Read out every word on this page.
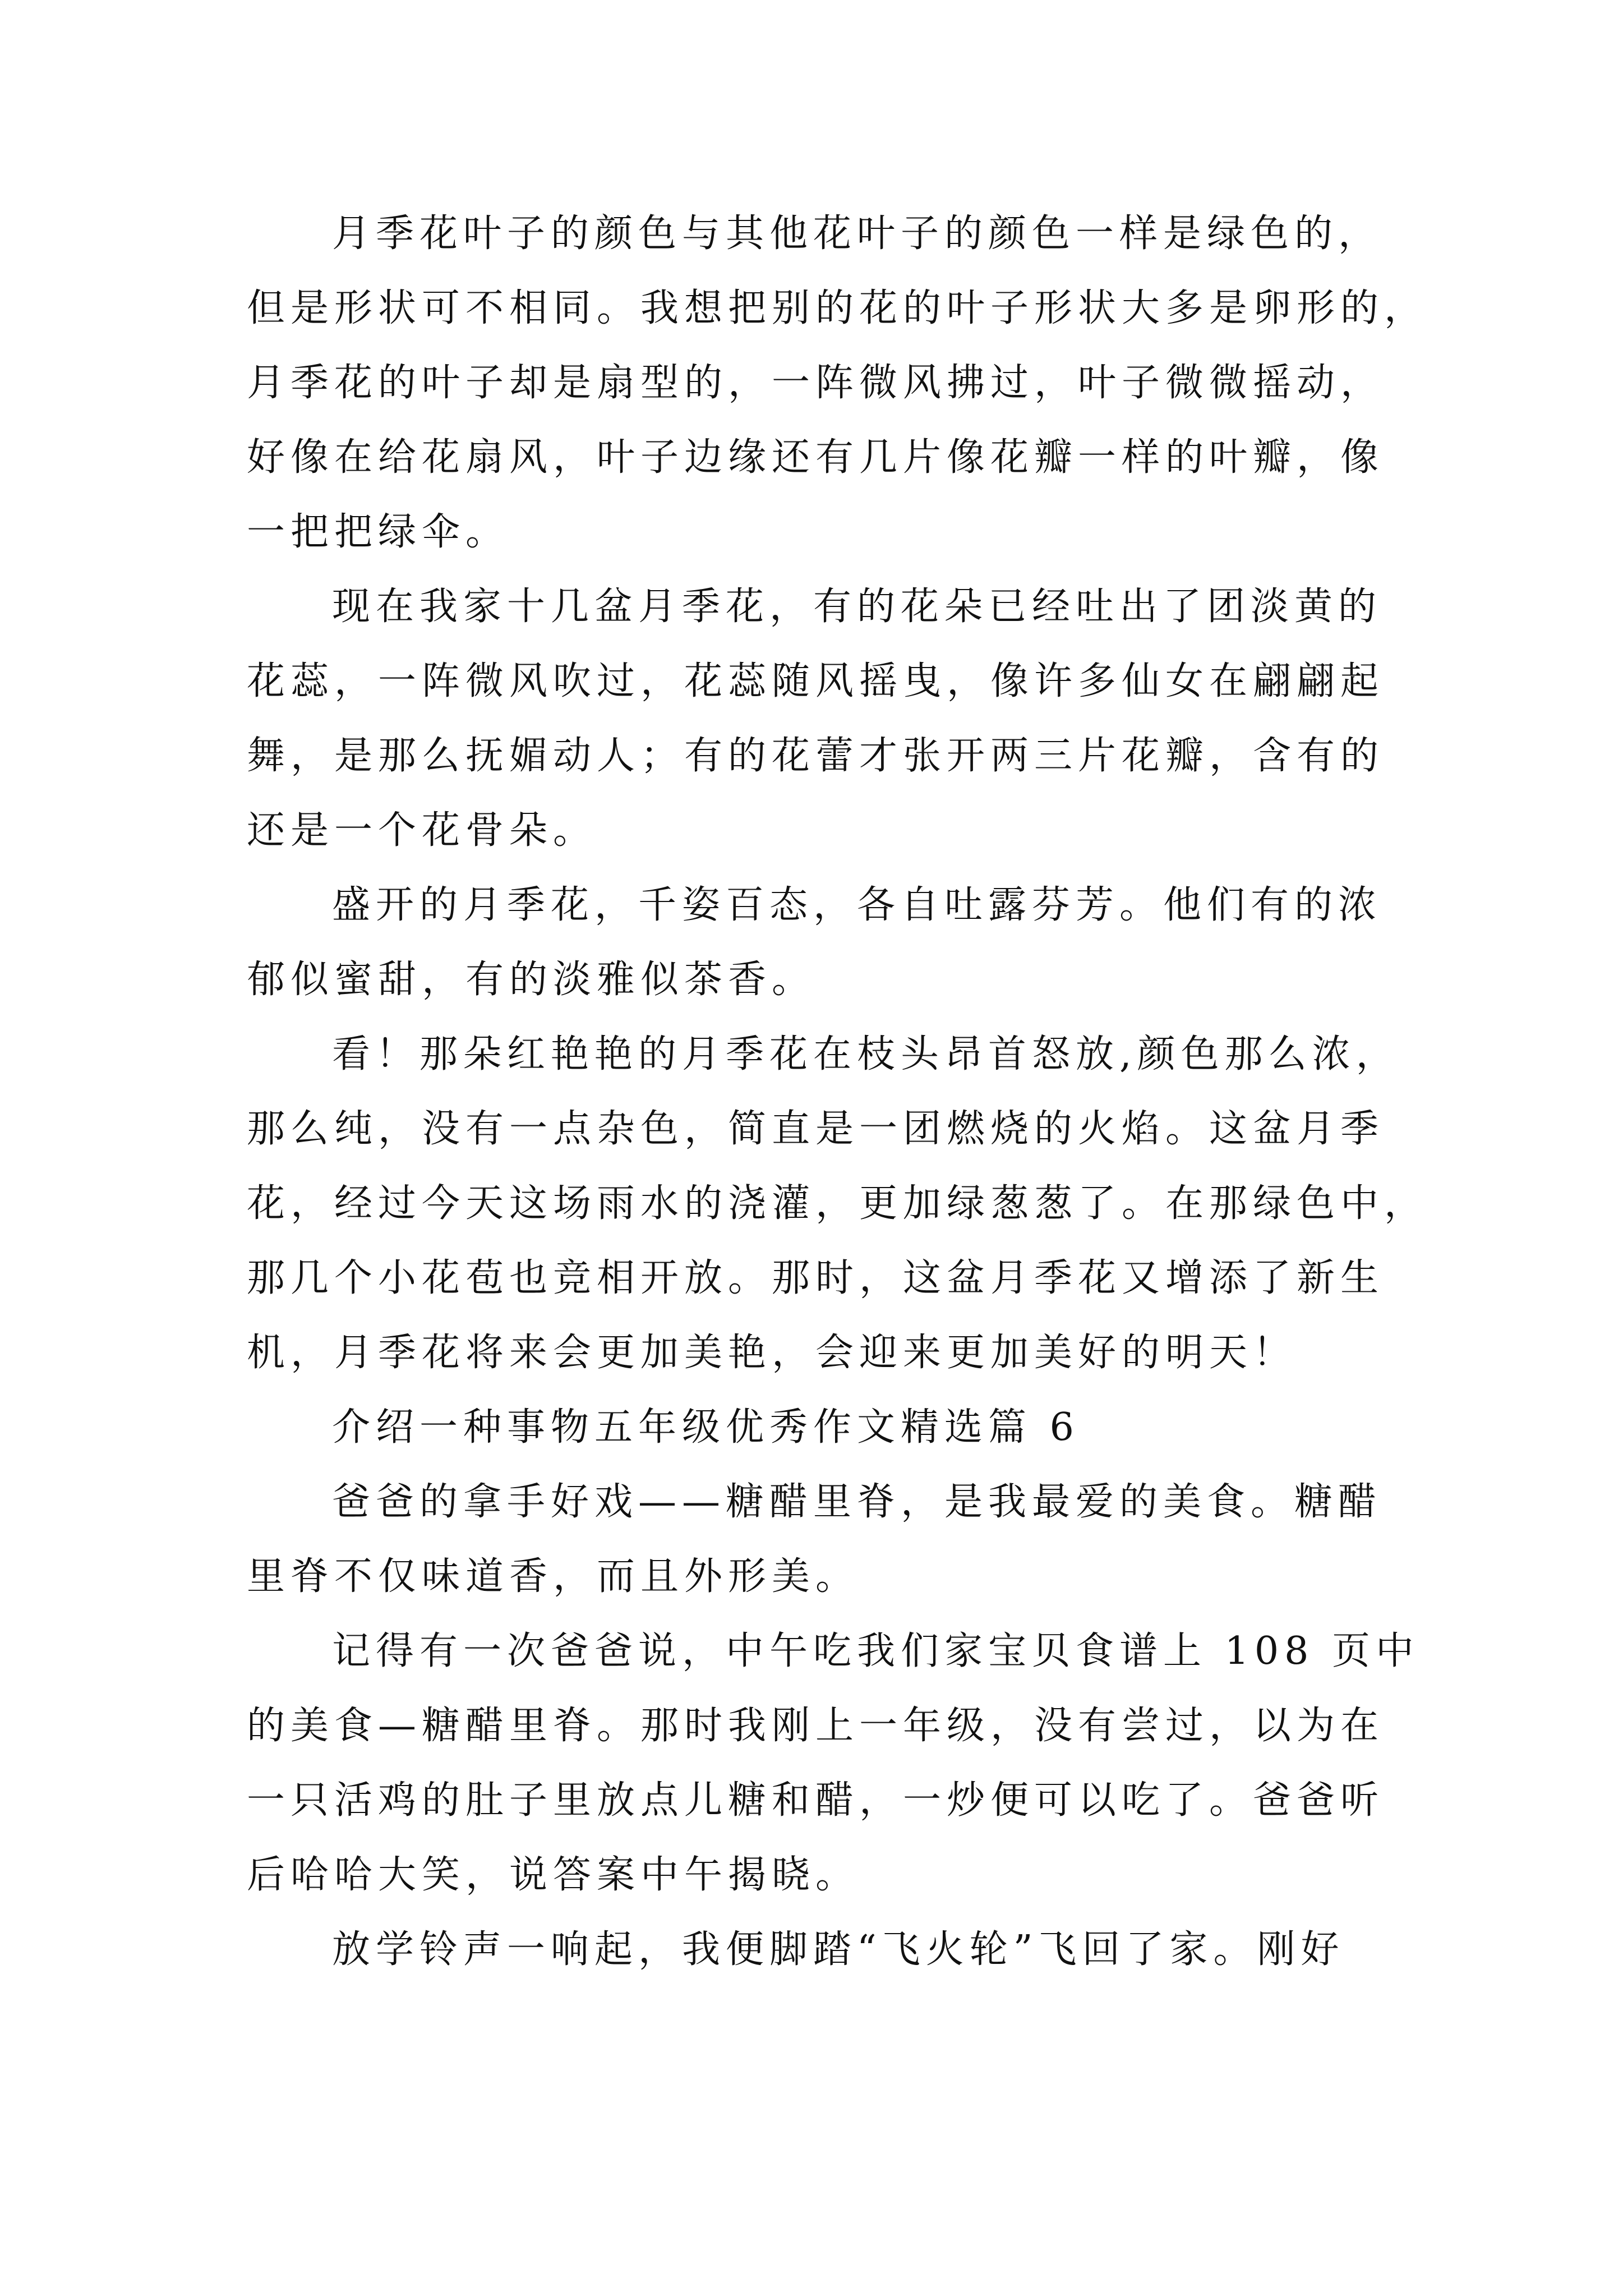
月季花叶子的颜色与其他花叶子的颜色一样是绿色的，
但是形状可不相同。我想把别的花的叶子形状大多是卵形的，
月季花的叶子却是扇型的，一阵微风拂过，叶子微微摇动，
好像在给花扇风，叶子边缘还有几片像花瓣一样的叶瓣，像
一把把绿伞。
现在我家十几盆月季花，有的花朵已经吐出了团淡黄的
花蕊，一阵微风吹过，花蕊随风摇曳，像许多仙女在翩翩起
舞，是那么抚媚动人；有的花蕾才张开两三片花瓣，含有的
还是一个花骨朵。
盛开的月季花，千姿百态，各自吐露芬芳。他们有的浓
郁似蜜甜，有的淡雅似茶香。
看！那朵红艳艳的月季花在枝头昂首怒放,颜色那么浓，
那么纯，没有一点杂色，简直是一团燃烧的火焰。这盆月季
花，经过今天这场雨水的浇灌，更加绿葱葱了。在那绿色中，
那几个小花苞也竞相开放。那时，这盆月季花又增添了新生
机，月季花将来会更加美艳，会迎来更加美好的明天！
介绍一种事物五年级优秀作文精选篇 6
爸爸的拿手好戏——糖醋里脊，是我最爱的美食。糖醋
里脊不仅味道香，而且外形美。
记得有一次爸爸说，中午吃我们家宝贝食谱上 108 页中
的美食—糖醋里脊。那时我刚上一年级，没有尝过，以为在
一只活鸡的肚子里放点儿糖和醋，一炒便可以吃了。爸爸听
后哈哈大笑，说答案中午揭晓。
放学铃声一响起，我便脚踏“飞火轮”飞回了家。刚好
